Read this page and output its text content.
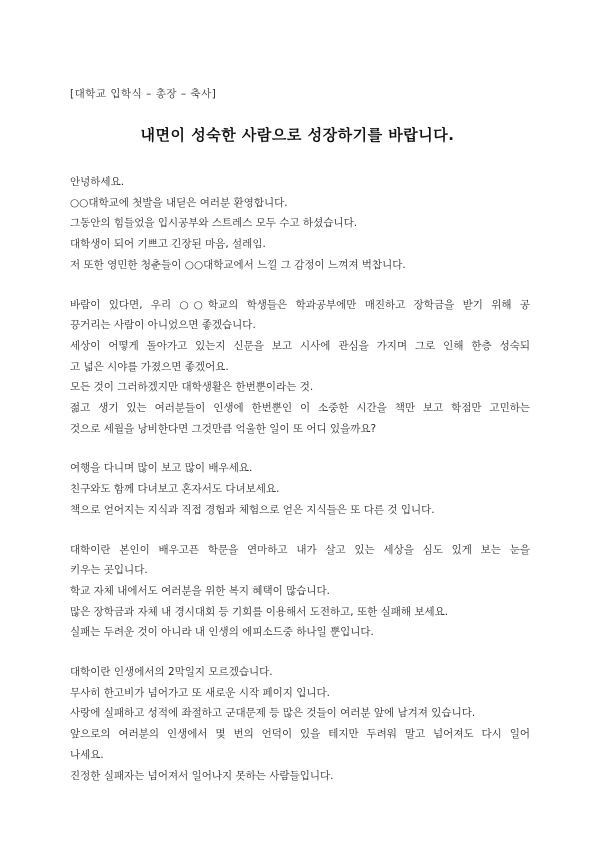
[대학교 입학식 – 총장 – 축사]
내면이 성숙한 사람으로 성장하기를 바랍니다.
안녕하세요.
○○대학교에 첫발을 내딛은 여러분 환영합니다.
그동안의 힘들었을 입시공부와 스트레스 모두 수고 하셨습니다.
대학생이 되어 기쁘고 긴장된 마음, 설레임.
저 또한 영민한 청춘들이 ○○대학교에서 느낄 그 감정이 느껴져 벅찹니다.
바람이 있다면, 우리 ○○학교의 학생들은 학과공부에만 매진하고 장학금을 받기 위해 공
끙거리는 사람이 아니었으면 좋겠습니다.
세상이 어떻게 돌아가고 있는지 신문을 보고 시사에 관심을 가지며 그로 인해 한층 성숙되
고 넓은 시야를 가졌으면 좋겠어요.
모든 것이 그러하겠지만 대학생활은 한번뿐이라는 것.
젊고 생기 있는 여러분들이 인생에 한번뿐인 이 소중한 시간을 책만 보고 학점만 고민하는
것으로 세월을 낭비한다면 그것만큼 억울한 일이 또 어디 있을까요?
여행을 다니며 많이 보고 많이 배우세요.
친구와도 함께 다녀보고 혼자서도 다녀보세요.
책으로 얻어지는 지식과 직접 경험과 체험으로 얻은 지식들은 또 다른 것 입니다.
대학이란 본인이 배우고픈 학문을 연마하고 내가 살고 있는 세상을 심도 있게 보는 눈을
키우는 곳입니다.
학교 자체 내에서도 여러분을 위한 복지 혜택이 많습니다.
많은 장학금과 자체 내 경시대회 등 기회를 이용해서 도전하고, 또한 실패해 보세요.
실패는 두려운 것이 아니라 내 인생의 에피소드중 하나일 뿐입니다.
대학이란 인생에서의 2막일지 모르겠습니다.
무사히 한고비가 넘어가고 또 새로운 시작 페이지 입니다.
사랑에 실패하고 성적에 좌절하고 군대문제 등 많은 것들이 여러분 앞에 남겨져 있습니다.
앞으로의 여러분의 인생에서 몇 번의 언덕이 있을 테지만 두려워 말고 넘어져도 다시 일어
나세요.
진정한 실패자는 넘어져서 일어나지 못하는 사람들입니다.
